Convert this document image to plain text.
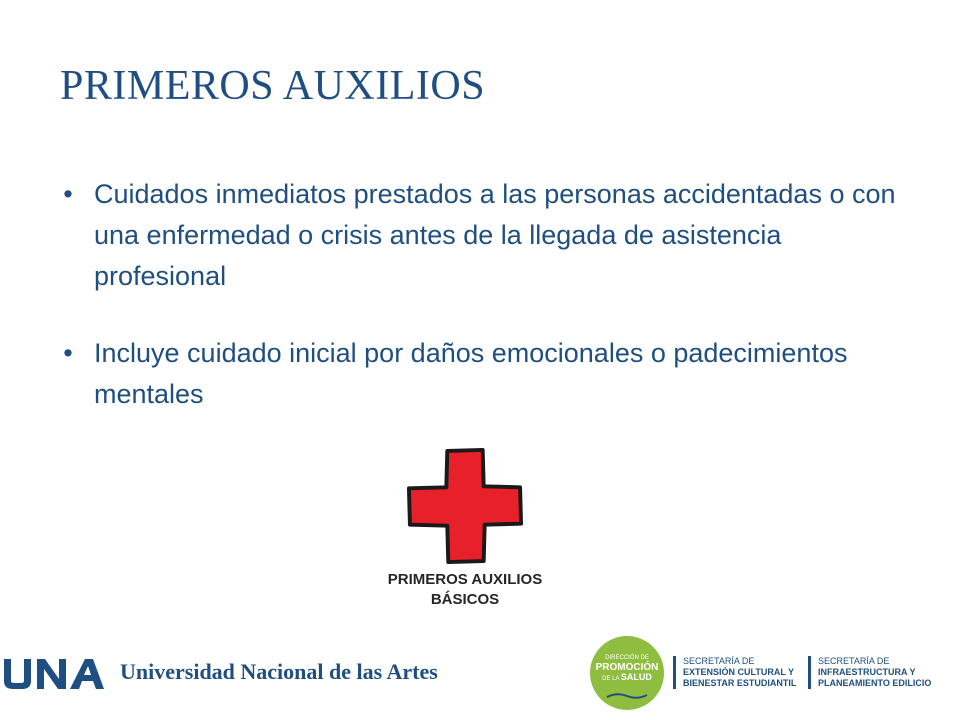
PRIMEROS AUXILIOS
• Cuidados inmediatos prestados a las personas accidentadas o con una enfermedad o crisis antes de la llegada de asistencia profesional
• Incluye cuidado inicial por daños emocionales o padecimientos mentales
PRIMEROS AUXILIOS
BÁSICOS
UNA	Universidad Nacional de las Artes
DIRECCIÓN DE
PROMOCIÓN
DE LA SALUD
SECRETARÍA DE
EXTENSIÓN CULTURAL Y
BIENESTAR ESTUDIANTIL
SECRETARÍA DE
INFRAESTRUCTURA Y
PLANEAMIENTO EDILICIO
